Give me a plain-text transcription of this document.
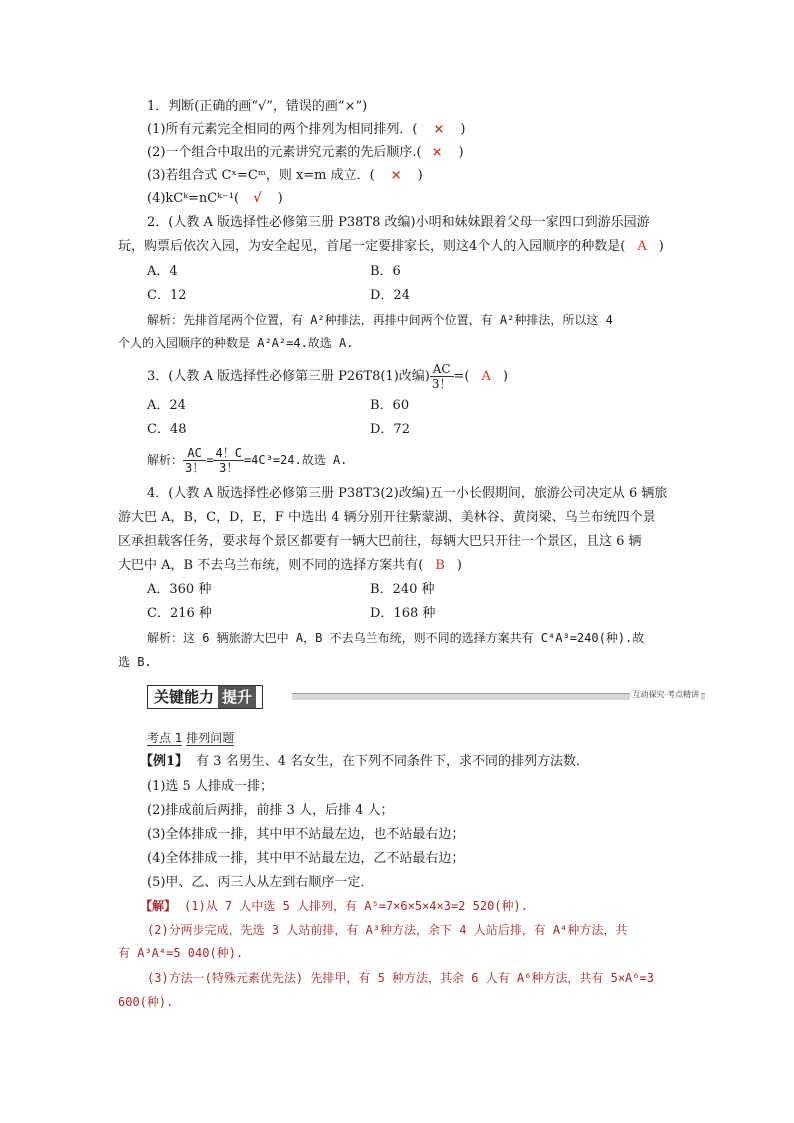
1．判断(正确的画“√”，错误的画“×”)
(1)所有元素完全相同的两个排列为相同排列．( × )
(2)一个组合中取出的元素讲究元素的先后顺序.( × )
(3)若组合式 Cˣ=Cᵐ，则 x=m 成立．( × )
(4)kCᵏ=nCᵏ⁻¹( √ )
2．(人教 A 版选择性必修第三册 P38T8 改编)小明和妹妹跟着父母一家四口到游乐园游
玩，购票后依次入园，为安全起见，首尾一定要排家长，则这4个人的入园顺序的种数是( A )
A．4	B．6
C．12	D．24
解析：先排首尾两个位置，有 A²种排法，再排中间两个位置，有 A²种排法，所以这 4
个人的入园顺序的种数是 A²A²=4.故选 A.
3．(人教 A 版选择性必修第三册 P26T8(1)改编) $\frac{AC}{3!}$ =( A )
A．24	B．60
C．48	D．72
解析： $\frac{AC}{3!} = \frac{4!C}{3!} =4C^3=24$.故选 A.
4．(人教 A 版选择性必修第三册 P38T3(2)改编)五一小长假期间，旅游公司决定从 6 辆旅
游大巴 A，B，C，D，E，F 中选出 4 辆分别开往紫蒙湖、美林谷、黄岗梁、乌兰布统四个景
区承担载客任务，要求每个景区都要有一辆大巴前往，每辆大巴只开往一个景区，且这 6 辆
大巴中 A，B 不去乌兰布统，则不同的选择方案共有( B )
A．360 种	B．240 种
C．216 种	D．168 种
解析：这 6 辆旅游大巴中 A，B 不去乌兰布统，则不同的选择方案共有 C⁴A³=240(种).故
选 B.
关键能力 提升	互动探究·考点精讲
考点 1 排列问题
【例1】 有 3 名男生、4 名女生，在下列不同条件下，求不同的排列方法数．
(1)选 5 人排成一排；
(2)排成前后两排，前排 3 人，后排 4 人；
(3)全体排成一排，其中甲不站最左边，也不站最右边；
(4)全体排成一排，其中甲不站最左边，乙不站最右边；
(5)甲、乙、丙三人从左到右顺序一定．
【解】 (1)从 7 人中选 5 人排列，有 A⁵=7×6×5×4×3=2 520(种).
(2)分两步完成，先选 3 人站前排，有 A³种方法，余下 4 人站后排，有 A⁴种方法，共
有 A³A⁴=5 040(种).
(3)方法一(特殊元素优先法) 先排甲，有 5 种方法，其余 6 人有 A⁶种方法，共有 5×A⁶=3
600(种).
